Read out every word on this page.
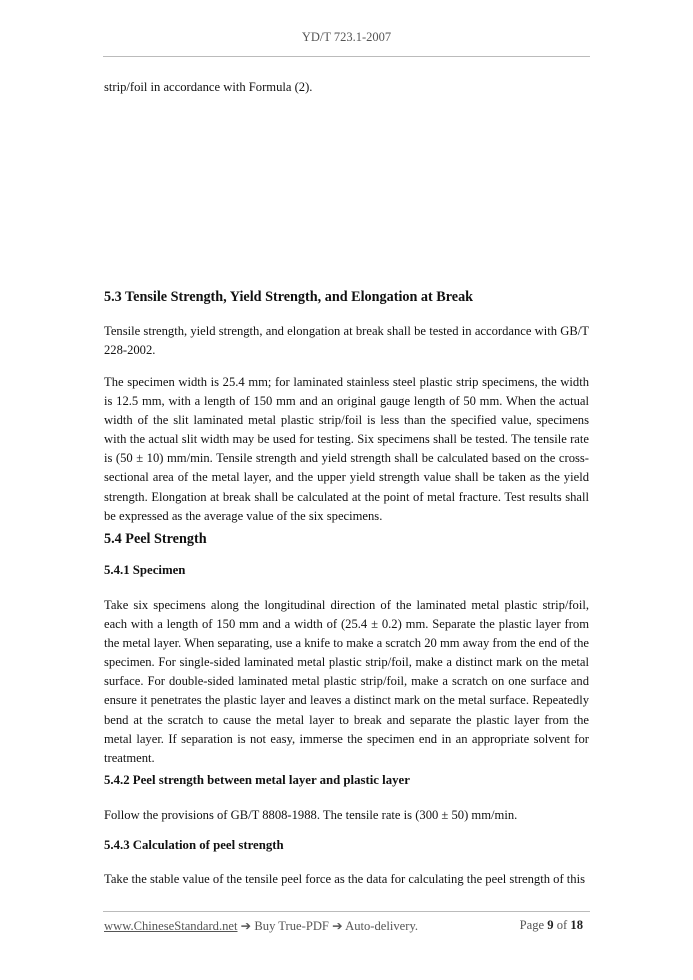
YD/T 723.1-2007

strip/foil in accordance with Formula (2).

5.3 Tensile Strength, Yield Strength, and Elongation at Break

Tensile strength, yield strength, and elongation at break shall be tested in accordance with GB/T 228-2002.

The specimen width is 25.4 mm; for laminated stainless steel plastic strip specimens, the width is 12.5 mm, with a length of 150 mm and an original gauge length of 50 mm. When the actual width of the slit laminated metal plastic strip/foil is less than the specified value, specimens with the actual slit width may be used for testing. Six specimens shall be tested. The tensile rate is (50 ± 10) mm/min. Tensile strength and yield strength shall be calculated based on the cross-sectional area of the metal layer, and the upper yield strength value shall be taken as the yield strength. Elongation at break shall be calculated at the point of metal fracture. Test results shall be expressed as the average value of the six specimens.

5.4 Peel Strength

5.4.1 Specimen

Take six specimens along the longitudinal direction of the laminated metal plastic strip/foil, each with a length of 150 mm and a width of (25.4 ± 0.2) mm. Separate the plastic layer from the metal layer. When separating, use a knife to make a scratch 20 mm away from the end of the specimen. For single-sided laminated metal plastic strip/foil, make a distinct mark on the metal surface. For double-sided laminated metal plastic strip/foil, make a scratch on one surface and ensure it penetrates the plastic layer and leaves a distinct mark on the metal surface. Repeatedly bend at the scratch to cause the metal layer to break and separate the plastic layer from the metal layer. If separation is not easy, immerse the specimen end in an appropriate solvent for treatment.

5.4.2 Peel strength between metal layer and plastic layer

Follow the provisions of GB/T 8808-1988. The tensile rate is (300 ± 50) mm/min.

5.4.3 Calculation of peel strength

Take the stable value of the tensile peel force as the data for calculating the peel strength of this

www.ChineseStandard.net ➔ Buy True-PDF ➔ Auto-delivery.	Page 9 of 18
